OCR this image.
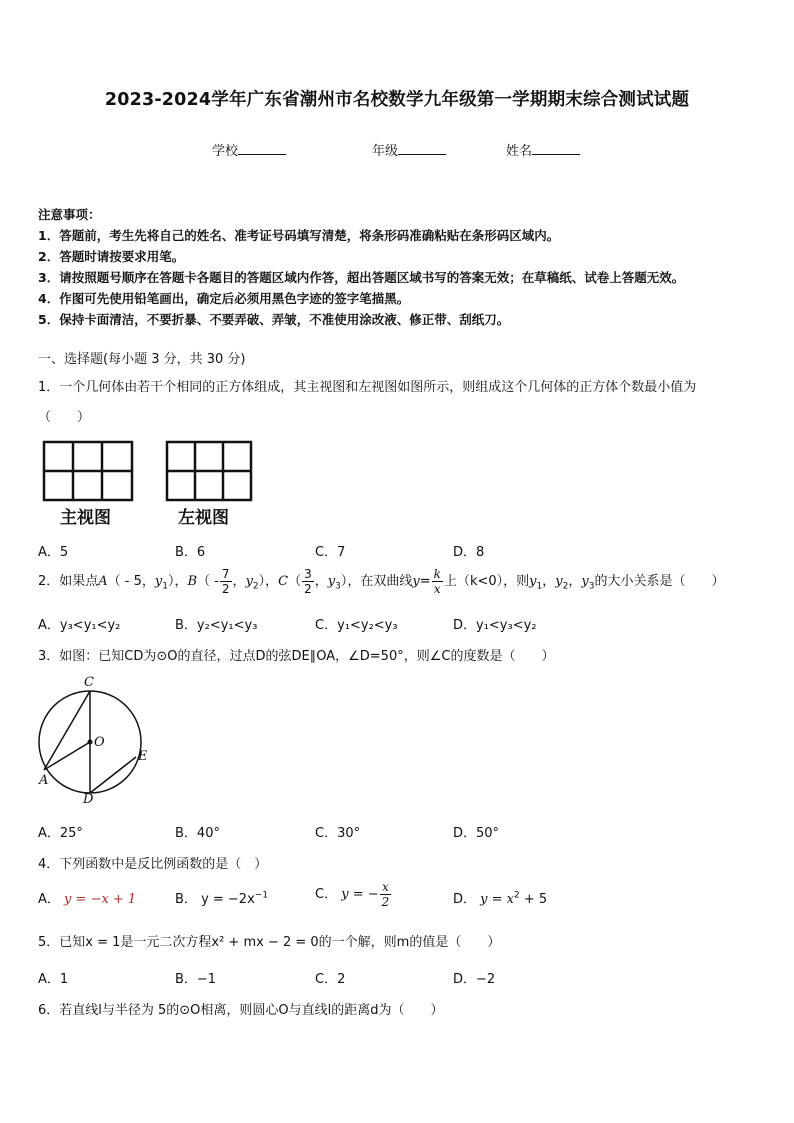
2023-2024学年广东省潮州市名校数学九年级第一学期期末综合测试试题
学校	年级	姓名
注意事项：
1．答题前，考生先将自己的姓名、准考证号码填写清楚，将条形码准确粘贴在条形码区域内。
2．答题时请按要求用笔。
3．请按照题号顺序在答题卡各题目的答题区域内作答，超出答题区域书写的答案无效；在草稿纸、试卷上答题无效。
4．作图可先使用铅笔画出，确定后必须用黑色字迹的签字笔描黑。
5．保持卡面清洁，不要折暴、不要弄破、弄皱，不准使用涂改液、修正带、刮纸刀。
一、选择题(每小题 3 分，共 30 分)
1．一个几何体由若干个相同的正方体组成，其主视图和左视图如图所示，则组成这个几何体的正方体个数最小值为
（　　）
主视图	左视图
A．5	B．6	C．7	D．8
2．如果点A（ - 5，$y_1$），$B( - \frac{7}{2}$ ，$y_2$），$C( \frac{3}{2}$ ，$y_3$），在双曲线$y= \frac{k}{x}$ 上（k<0），则$y_1$，$y_2$，$y_3$的大小关系是（　　）
A．y₃<y₁<y₂	B．y₂<y₁<y₃	C．y₁<y₂<y₃	D．y₁<y₃<y₂
3．如图：已知CD为⊙O的直径，过点D的弦DE∥OA，∠D=50°，则∠C的度数是（　　）
C
O
E
A
D
A．25°	B．40°	C．30°	D．50°
4．下列函数中是反比例函数的是（　）
A． y = −x + 1	B． $y = -2x^{-1}$	C． y = − $\frac{x}{2}$	D． $y = x^2 + 5$
5．已知x = 1是一元二次方程x² + mx − 2 = 0的一个解，则m的值是（　　）
A．1	B．−1	C．2	D．−2
6．若直线l与半径为 5的⊙O相离，则圆心O与直线l的距离d为（　　）
